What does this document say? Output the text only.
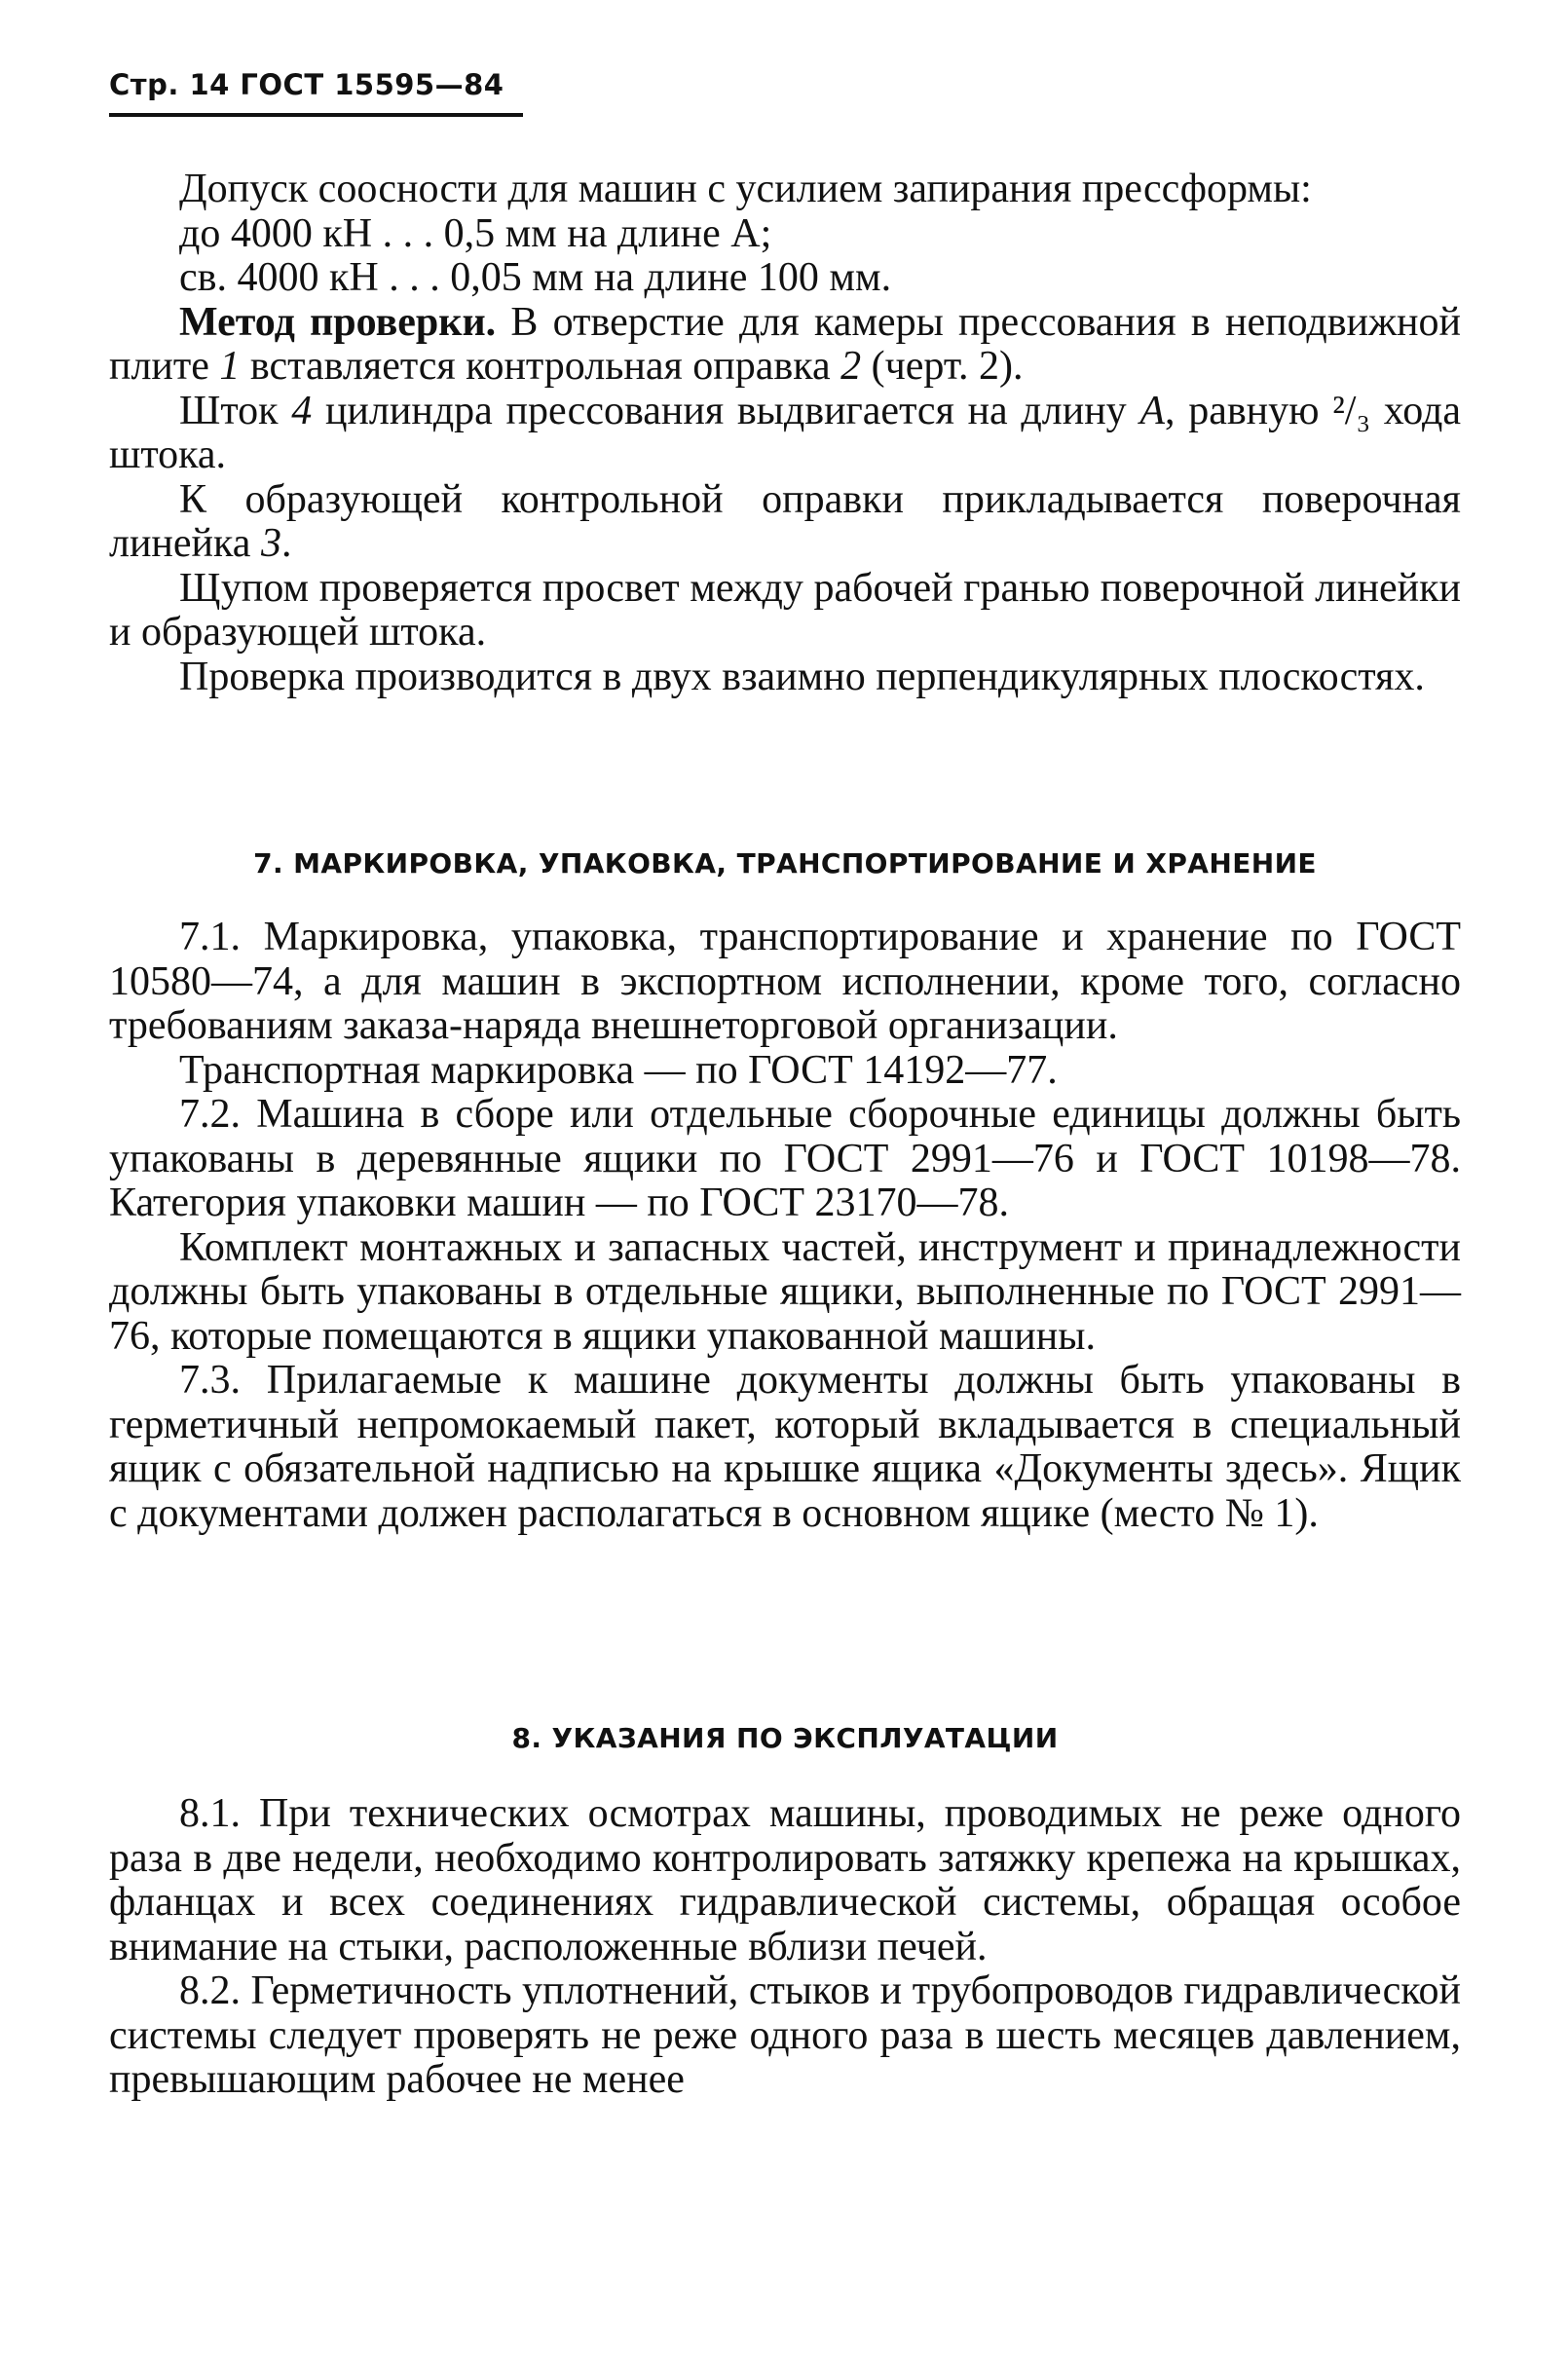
Стр. 14 ГОСТ 15595—84

Допуск соосности для машин с усилием запирания прессформы:

до 4000 кН . . . 0,5 мм на длине А;

св. 4000 кН . . . 0,05 мм на длине 100 мм.

Метод проверки. В отверстие для камеры прессования в неподвижной плите 1 вставляется контрольная оправка 2 (черт. 2).

Шток 4 цилиндра прессования выдвигается на длину А, равную ²/₃ хода штока.

К образующей контрольной оправки прикладывается поверочная линейка 3.

Щупом проверяется просвет между рабочей гранью поверочной линейки и образующей штока.

Проверка производится в двух взаимно перпендикулярных плоскостях.

7. МАРКИРОВКА, УПАКОВКА, ТРАНСПОРТИРОВАНИЕ И ХРАНЕНИЕ

7.1. Маркировка, упаковка, транспортирование и хранение по ГОСТ 10580—74, а для машин в экспортном исполнении, кроме того, согласно требованиям заказа-наряда внешнеторговой организации.

Транспортная маркировка — по ГОСТ 14192—77.

7.2. Машина в сборе или отдельные сборочные единицы должны быть упакованы в деревянные ящики по ГОСТ 2991—76 и ГОСТ 10198—78. Категория упаковки машин — по ГОСТ 23170—78.

Комплект монтажных и запасных частей, инструмент и принадлежности должны быть упакованы в отдельные ящики, выполненные по ГОСТ 2991—76, которые помещаются в ящики упакованной машины.

7.3. Прилагаемые к машине документы должны быть упакованы в герметичный непромокаемый пакет, который вкладывается в специальный ящик с обязательной надписью на крышке ящика «Документы здесь». Ящик с документами должен располагаться в основном ящике (место № 1).

8. УКАЗАНИЯ ПО ЭКСПЛУАТАЦИИ

8.1. При технических осмотрах машины, проводимых не реже одного раза в две недели, необходимо контролировать затяжку крепежа на крышках, фланцах и всех соединениях гидравлической системы, обращая особое внимание на стыки, расположенные вблизи печей.

8.2. Герметичность уплотнений, стыков и трубопроводов гидравлической системы следует проверять не реже одного раза в шесть месяцев давлением, превышающим рабочее не менее
